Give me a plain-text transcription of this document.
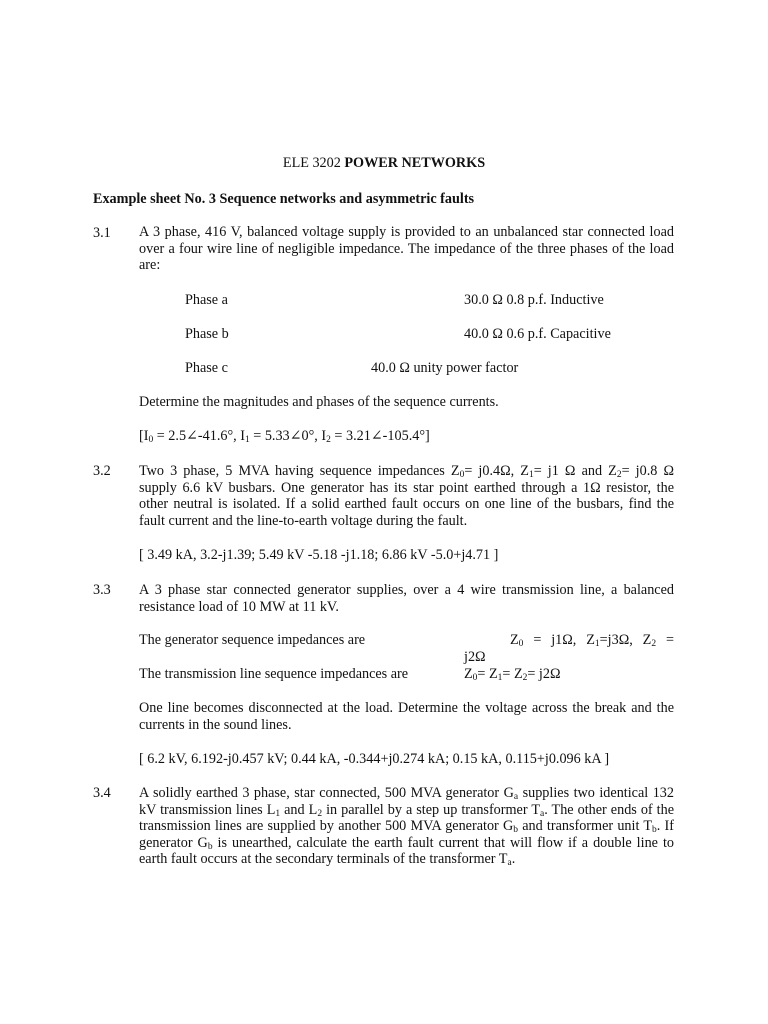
ELE 3202 POWER NETWORKS
Example sheet No. 3 Sequence networks and asymmetric faults
3.1 A 3 phase, 416 V, balanced voltage supply is provided to an unbalanced star connected load over a four wire line of negligible impedance. The impedance of the three phases of the load are:
Phase a	30.0 Ω 0.8 p.f. Inductive
Phase b	40.0 Ω 0.6 p.f. Capacitive
Phase c	40.0 Ω unity power factor
Determine the magnitudes and phases of the sequence currents.
[$I_0$ = 2.5∠-41.6°, $I_1$ = 5.33∠0°, $I_2$ = 3.21∠-105.4°]
3.2 Two 3 phase, 5 MVA having sequence impedances $Z_0= j0.4\Omega$, $Z_1= j1$ Ω and $Z_2= j0.8$ Ω supply 6.6 kV busbars. One generator has its star point earthed through a 1Ω resistor, the other neutral is isolated. If a solid earthed fault occurs on one line of the busbars, find the fault current and the line-to-earth voltage during the fault.
[ 3.49 kA, 3.2-j1.39; 5.49 kV -5.18 -j1.18; 6.86 kV -5.0+j4.71 ]
3.3 A 3 phase star connected generator supplies, over a 4 wire transmission line, a balanced resistance load of 10 MW at 11 kV.
The generator sequence impedances are	$Z_0 = j1\Omega$, $Z_1=j3\Omega$, $Z_2$ =
j2Ω
The transmission line sequence impedances are	$Z_0= Z_1= Z_2= j2\Omega$
One line becomes disconnected at the load. Determine the voltage across the break and the currents in the sound lines.
[ 6.2 kV, 6.192-j0.457 kV; 0.44 kA, -0.344+j0.274 kA; 0.15 kA, 0.115+j0.096 kA ]
3.4 A solidly earthed 3 phase, star connected, 500 MVA generator $G_a$ supplies two identical 132 kV transmission lines $L_1$ and $L_2$ in parallel by a step up transformer $T_a$. The other ends of the transmission lines are supplied by another 500 MVA generator $G_b$ and transformer unit $T_b$. If generator $G_b$ is unearthed, calculate the earth fault current that will flow if a double line to earth fault occurs at the secondary terminals of the transformer $T_a$.
